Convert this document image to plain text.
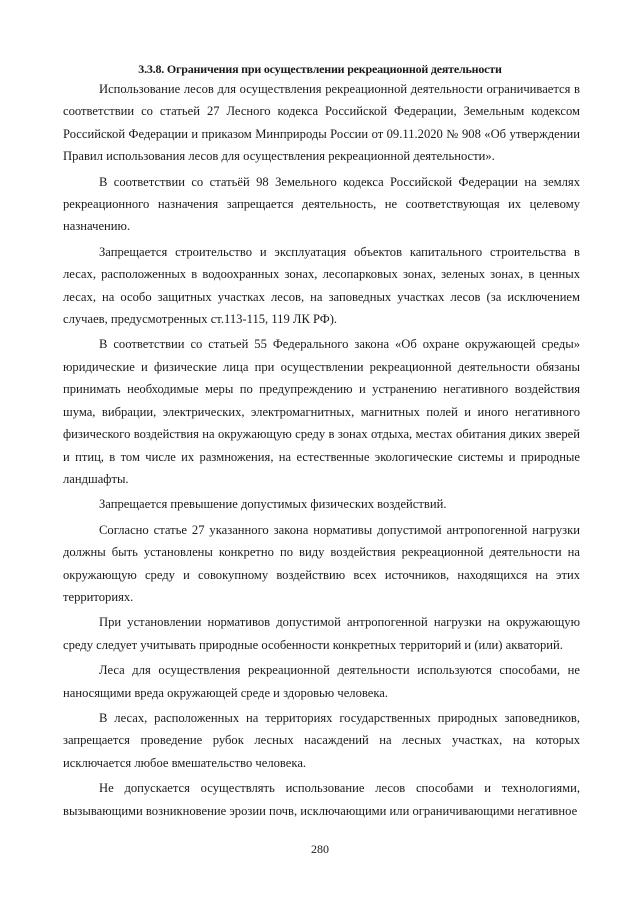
3.3.8. Ограничения при осуществлении рекреационной деятельности

Использование лесов для осуществления рекреационной деятельности ограничивается в соответствии со статьей 27 Лесного кодекса Российской Федерации, Земельным кодексом Российской Федерации и приказом Минприроды России от 09.11.2020 № 908 «Об утверждении Правил использования лесов для осуществления рекреационной деятельности».

В соответствии со статьёй 98 Земельного кодекса Российской Федерации на землях рекреационного назначения запрещается деятельность, не соответствующая их целевому назначению.

Запрещается строительство и эксплуатация объектов капитального строительства в лесах, расположенных в водоохранных зонах, лесопарковых зонах, зеленых зонах, в ценных лесах, на особо защитных участках лесов, на заповедных участках лесов (за исключением случаев, предусмотренных ст.113-115, 119 ЛК РФ).

В соответствии со статьей 55 Федерального закона «Об охране окружающей среды» юридические и физические лица при осуществлении рекреационной деятельности обязаны принимать необходимые меры по предупреждению и устранению негативного воздействия шума, вибрации, электрических, электромагнитных, магнитных полей и иного негативного физического воздействия на окружающую среду в зонах отдыха, местах обитания диких зверей и птиц, в том числе их размножения, на естественные экологические системы и природные ландшафты.

Запрещается превышение допустимых физических воздействий.

Согласно статье 27 указанного закона нормативы допустимой антропогенной нагрузки должны быть установлены конкретно по виду воздействия рекреационной деятельности на окружающую среду и совокупному воздействию всех источников, находящихся на этих территориях.

При установлении нормативов допустимой антропогенной нагрузки на окружающую среду следует учитывать природные особенности конкретных территорий и (или) акваторий.

Леса для осуществления рекреационной деятельности используются способами, не наносящими вреда окружающей среде и здоровью человека.

В лесах, расположенных на территориях государственных природных заповедников, запрещается проведение рубок лесных насаждений на лесных участках, на которых исключается любое вмешательство человека.

Не допускается осуществлять использование лесов способами и технологиями, вызывающими возникновение эрозии почв, исключающими или ограничивающими негативное

280
